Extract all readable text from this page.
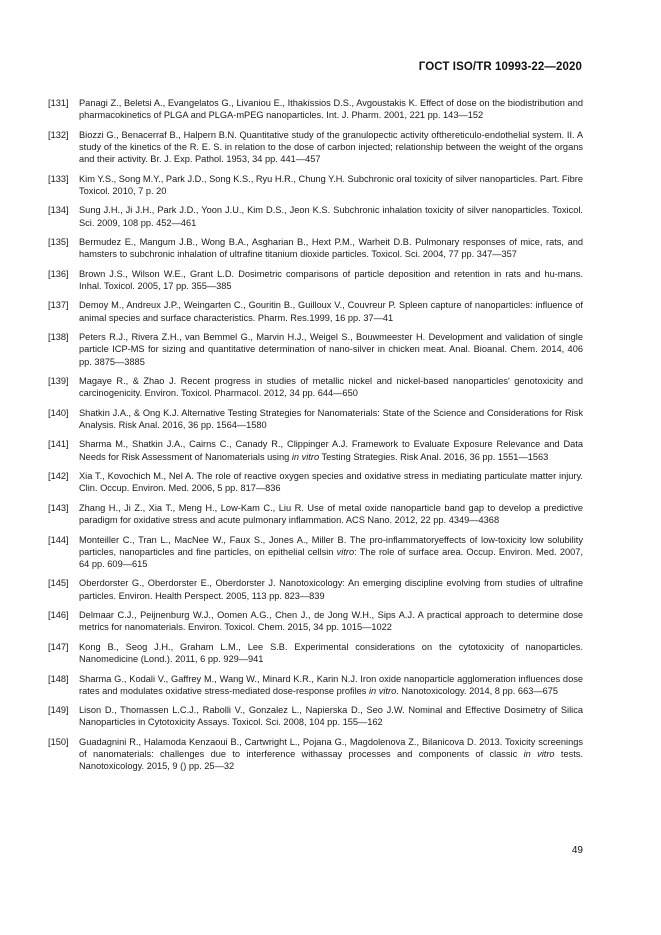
ГОСТ ISO/TR 10993-22—2020
[131]	Panagi Z., Beletsi A., Evangelatos G., Livaniou E., Ithakissios D.S., Avgoustakis K. Effect of dose on the biodistribution and pharmacokinetics of PLGA and PLGA-mPEG nanoparticles. Int. J. Pharm. 2001, 221 pp. 143—152
[132]	Biozzi G., Benacerraf B., Halpern B.N. Quantitative study of the granulopectic activity ofthereticulo-endothelial system. II. A study of the kinetics of the R. E. S. in relation to the dose of carbon injected; relationship between the weight of the organs and their activity. Br. J. Exp. Pathol. 1953, 34 pp. 441—457
[133]	Kim Y.S., Song M.Y., Park J.D., Song K.S., Ryu H.R., Chung Y.H. Subchronic oral toxicity of silver nanoparticles. Part. Fibre Toxicol. 2010, 7 p. 20
[134]	Sung J.H., Ji J.H., Park J.D., Yoon J.U., Kim D.S., Jeon K.S. Subchronic inhalation toxicity of silver nanoparticles. Toxicol. Sci. 2009, 108 pp. 452—461
[135]	Bermudez E., Mangum J.B., Wong B.A., Asgharian B., Hext P.M., Warheit D.B. Pulmonary responses of mice, rats, and hamsters to subchronic inhalation of ultrafine titanium dioxide particles. Toxicol. Sci. 2004, 77 pp. 347—357
[136]	Brown J.S., Wilson W.E., Grant L.D. Dosimetric comparisons of particle deposition and retention in rats and hu-mans. Inhal. Toxicol. 2005, 17 pp. 355—385
[137]	Demoy M., Andreux J.P., Weingarten C., Gouritin B., Guilloux V., Couvreur P. Spleen capture of nanoparticles: influence of animal species and surface characteristics. Pharm. Res.1999, 16 pp. 37—41
[138]	Peters R.J., Rivera Z.H., van Bemmel G., Marvin H.J., Weigel S., Bouwmeester H. Development and validation of single particle ICP-MS for sizing and quantitative determination of nano-silver in chicken meat. Anal. Bioanal. Chem. 2014, 406 pp. 3875—3885
[139]	Magaye R., & Zhao J. Recent progress in studies of metallic nickel and nickel-based nanoparticles' genotoxicity and carcinogenicity. Environ. Toxicol. Pharmacol. 2012, 34 pp. 644—650
[140]	Shatkin J.A., & Ong K.J. Alternative Testing Strategies for Nanomaterials: State of the Science and Considerations for Risk Analysis. Risk Anal. 2016, 36 pp. 1564—1580
[141]	Sharma M., Shatkin J.A., Cairns C., Canady R., Clippinger A.J. Framework to Evaluate Exposure Relevance and Data Needs for Risk Assessment of Nanomaterials using in vitro Testing Strategies. Risk Anal. 2016, 36 pp. 1551—1563
[142]	Xia T., Kovochich M., Nel A. The role of reactive oxygen species and oxidative stress in mediating particulate matter injury. Clin. Occup. Environ. Med. 2006, 5 pp. 817—836
[143]	Zhang H., Ji Z., Xia T., Meng H., Low-Kam C., Liu R. Use of metal oxide nanoparticle band gap to develop a predictive paradigm for oxidative stress and acute pulmonary inflammation. ACS Nano. 2012, 22 pp. 4349—4368
[144]	Monteiller C., Tran L., MacNee W., Faux S., Jones A., Miller B. The pro-inflammatoryeffects of low-toxicity low solubility particles, nanoparticles and fine particles, on epithelial cellsin vitro: The role of surface area. Occup. Environ. Med. 2007, 64 pp. 609—615
[145]	Oberdorster G., Oberdorster E., Oberdorster J. Nanotoxicology: An emerging discipline evolving from studies of ultrafine particles. Environ. Health Perspect. 2005, 113 pp. 823—839
[146]	Delmaar C.J., Peijnenburg W.J., Oomen A.G., Chen J., de Jong W.H., Sips A.J. A practical approach to determine dose metrics for nanomaterials. Environ. Toxicol. Chem. 2015, 34 pp. 1015—1022
[147]	Kong B., Seog J.H., Graham L.M., Lee S.B. Experimental considerations on the cytotoxicity of nanoparticles. Nanomedicine (Lond.). 2011, 6 pp. 929—941
[148]	Sharma G., Kodali V., Gaffrey M., Wang W., Minard K.R., Karin N.J. Iron oxide nanoparticle agglomeration influences dose rates and modulates oxidative stress-mediated dose-response profiles in vitro. Nanotoxicology. 2014, 8 pp. 663—675
[149]	Lison D., Thomassen L.C.J., Rabolli V., Gonzalez L., Napierska D., Seo J.W. Nominal and Effective Dosimetry of Silica Nanoparticles in Cytotoxicity Assays. Toxicol. Sci. 2008, 104 pp. 155—162
[150]	Guadagnini R., Halamoda Kenzaoui B., Cartwright L., Pojana G., Magdolenova Z., Bilanicova D. 2013. Toxicity screenings of nanomaterials: challenges due to interference withassay processes and components of classic in vitro tests. Nanotoxicology. 2015, 9 () pp. 25—32
49
